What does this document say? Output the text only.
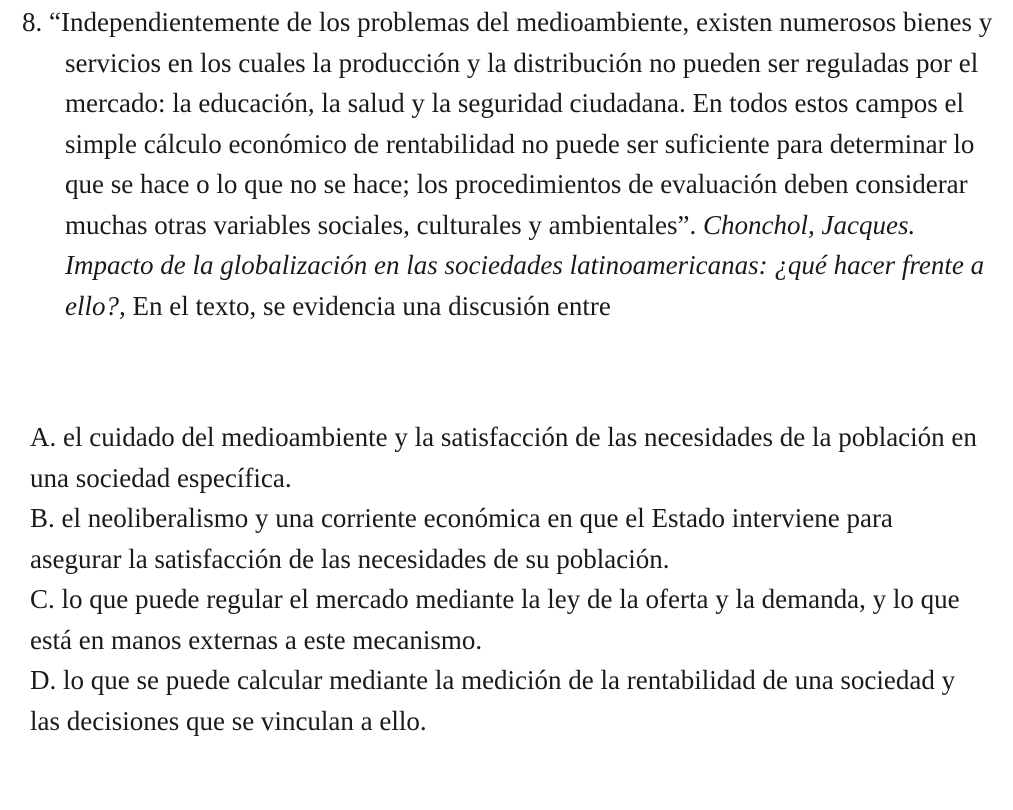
8. “Independientemente de los problemas del medioambiente, existen numerosos bienes y servicios en los cuales la producción y la distribución no pueden ser reguladas por el mercado: la educación, la salud y la seguridad ciudadana. En todos estos campos el simple cálculo económico de rentabilidad no puede ser suficiente para determinar lo que se hace o lo que no se hace; los procedimientos de evaluación deben considerar muchas otras variables sociales, culturales y ambientales”. Chonchol, Jacques. Impacto de la globalización en las sociedades latinoamericanas: ¿qué hacer frente a ello?, En el texto, se evidencia una discusión entre

A. el cuidado del medioambiente y la satisfacción de las necesidades de la población en una sociedad específica.

B. el neoliberalismo y una corriente económica en que el Estado interviene para asegurar la satisfacción de las necesidades de su población.

C. lo que puede regular el mercado mediante la ley de la oferta y la demanda, y lo que está en manos externas a este mecanismo.

D. lo que se puede calcular mediante la medición de la rentabilidad de una sociedad y las decisiones que se vinculan a ello.
